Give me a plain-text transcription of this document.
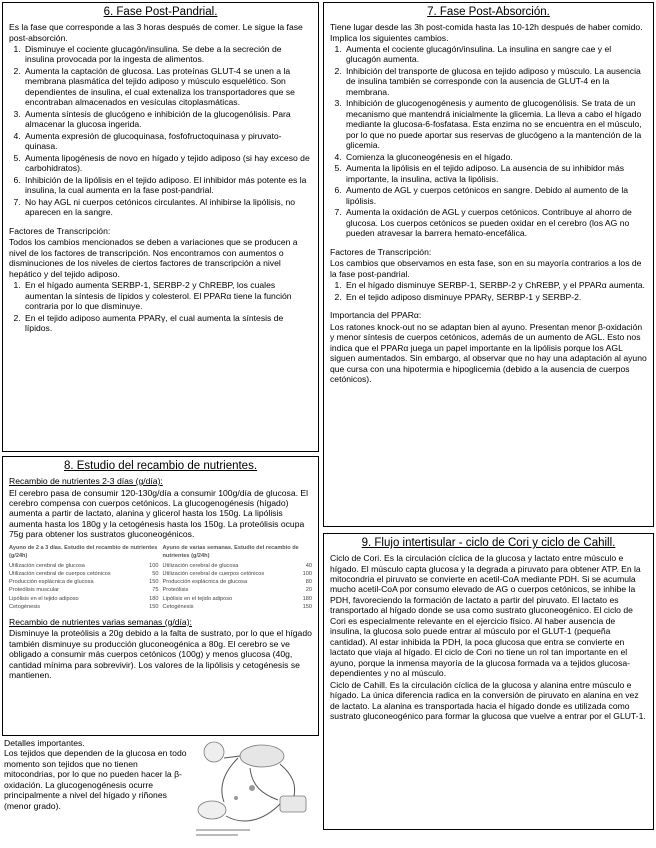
6. Fase Post-Pandrial.

Es la fase que corresponde a las 3 horas después de comer. Le sigue la fase post-absorción.

1. Disminuye el cociente glucagón/insulina. Se debe a la secreción de insulina provocada por la ingesta de alimentos.
2. Aumenta la captación de glucosa. Las proteínas GLUT-4 se unen a la membrana plasmática del tejido adiposo y músculo esquelético. Son dependientes de insulina, el cual extenaliza los transportadores que se encontraban almacenados en vesículas citoplasmáticas.
3. Aumenta síntesis de glucógeno e inhibición de la glucogenólisis. Para almacenar la glucosa ingerida.
4. Aumenta expresión de glucoquinasa, fosfofructoquinasa y piruvato-quinasa.
5. Aumenta lipogénesis de novo en hígado y tejido adiposo (si hay exceso de carbohidratos).
6. Inhibición de la lipólisis en el tejido adiposo. El inhibidor más potente es la insulina, la cual aumenta en la fase post-pandrial.
7. No hay AGL ni cuerpos cetónicos circulantes. Al inhibirse la lipólisis, no aparecen en la sangre.

Factores de Transcripción:

Todos los cambios mencionados se deben a variaciones que se producen a nivel de los factores de transcripción. Nos encontramos con aumentos o disminuciones de los niveles de ciertos factores de transcripción a nivel hepático y del tejido adiposo.

1. En el hígado aumenta SERBP-1, SERBP-2 y ChREBP, los cuales aumentan la síntesis de lípidos y colesterol. El PPARα tiene la función contraria por lo que disminuye.
2. En el tejido adiposo aumenta PPARγ, el cual aumenta la síntesis de lípidos.
7. Fase Post-Absorción.

Tiene lugar desde las 3h post-comida hasta las 10-12h después de haber comido. Implica los siguientes cambios.

1. Aumenta el cociente glucagón/insulina. La insulina en sangre cae y el glucagón aumenta.
2. Inhibición del transporte de glucosa en tejido adiposo y músculo. La ausencia de insulina también se corresponde con la ausencia de GLUT-4 en la membrana.
3. Inhibición de glucogenogénesis y aumento de glucogenólisis. Se trata de un mecanismo que mantendrá inicialmente la glicemia. La lleva a cabo el hígado mediante la glucosa-6-fosfatasa. Esta enzima no se encuentra en el músculo, por lo que no puede aportar sus reservas de glucógeno a la mantención de la glicemia.
4. Comienza la gluconeogénesis en el hígado.
5. Aumenta la lipólisis en el tejido adiposo. La ausencia de su inhibidor más importante, la insulina, activa la lipólisis.
6. Aumento de AGL y cuerpos cetónicos en sangre. Debido al aumento de la lipólisis.
7. Aumenta la oxidación de AGL y cuerpos cetónicos. Contribuye al ahorro de glucosa. Los cuerpos cetónicos se pueden oxidar en el cerebro (los AG no pueden atravesar la barrera hemato-encefálica.

Factores de Transcripción:

Los cambios que observamos en esta fase, son en su mayoría contrarios a los de la fase post-pandrial.

1. En el hígado disminuye SERBP-1, SERBP-2 y ChREBP, y el PPARα aumenta.
2. En el tejido adiposo disminuye PPARγ, SERBP-1 y SERBP-2.

Importancia del PPARα:

Los ratones knock-out no se adaptan bien al ayuno. Presentan menor β-oxidación y menor síntesis de cuerpos cetónicos, además de un aumento de AGL. Esto nos indica que el PPARα juega un papel importante en la lipólisis porque los AGL siguen aumentados. Sin embargo, al observar que no hay una adaptación al ayuno que cursa con una hipotermia e hipoglicemia (debido a la ausencia de cuerpos cetónicos).

8. Estudio del recambio de nutrientes.

Recambio de nutrientes 2-3 días (g/día):

El cerebro pasa de consumir 120-130g/día a consumir 100g/día de glucosa. El cerebro compensa con cuerpos cetónicos. La glucogenogénesis (hígado) aumenta a partir de lactato, alanina y glicerol hasta los 150g. La lipólisis aumenta hasta los 180g y la cetogénesis hasta los 150g. La proteólisis ocupa 75g para obtener los sustratos gluconeogénicos.

Ayuno de 2 a 3 días. Estudio del recambio de nutrientes (g/24h)
Utilización cerebral de glucosa	100
Utilización cerebral de cuerpos cetónicos	50
Producción esplácnica de glucosa	150
Proteólisis muscular	75
Lipólisis en el tejido adiposo	180
Cetogénesis	150
Ayuno de varias semanas. Estudio del recambio de nutrientes (g/24h)
Utilización cerebral de glucosa	40
Utilización cerebral de cuerpos cetónicos	100
Producción esplácnica de glucosa	80
Proteólisis	20
Lipólisis en el tejido adiposo	180
Cetogénesis	150

Recambio de nutrientes varias semanas (g/día):

Disminuye la proteólisis a 20g debido a la falta de sustrato, por lo que el hígado también disminuye su producción gluconeogénica a 80g. El cerebro se ve obligado a consumir más cuerpos cetónicos (100g) y menos glucosa (40g, cantidad mínima para sobrevivir). Los valores de la lipólisis y cetogénesis se mantienen.

Detalles importantes.

Los tejidos que dependen de la glucosa en todo momento son tejidos que no tienen mitocondrias, por lo que no pueden hacer la β-oxidación. La glucogenogénesis ocurre principalmente a nivel del hígado y riñones (menor grado).

9. Flujo intertisular - ciclo de Cori y ciclo de Cahill.

Ciclo de Cori. Es la circulación cíclica de la glucosa y lactato entre músculo e hígado. El músculo capta glucosa y la degrada a piruvato para obtener ATP. En la mitocondria el piruvato se convierte en acetil-CoA mediante PDH. Si se acumula mucho acetil-CoA por consumo elevado de AG o cuerpos cetónicos, se inhibe la PDH, favoreciendo la formación de lactato a partir del piruvato. El lactato es transportado al hígado donde se usa como sustrato gluconeogénico. El ciclo de Cori es especialmente relevante en el ejercicio físico. Al haber ausencia de insulina, la glucosa solo puede entrar al músculo por el GLUT-1 (pequeña cantidad). Al estar inhibida la PDH, la poca glucosa que entra se convierte en lactato que viaja al hígado. El ciclo de Cori no tiene un rol tan importante en el ayuno, porque la inmensa mayoría de la glucosa formada va a tejidos glucosa-dependientes y no al músculo.

Ciclo de Cahill. Es la circulación cíclica de la glucosa y alanina entre músculo e hígado. La única diferencia radica en la conversión de piruvato en alanina en vez de lactato. La alanina es transportada hacia el hígado donde es utilizada como sustrato gluconeogénico para formar la glucosa que vuelve a entrar por el GLUT-1.
